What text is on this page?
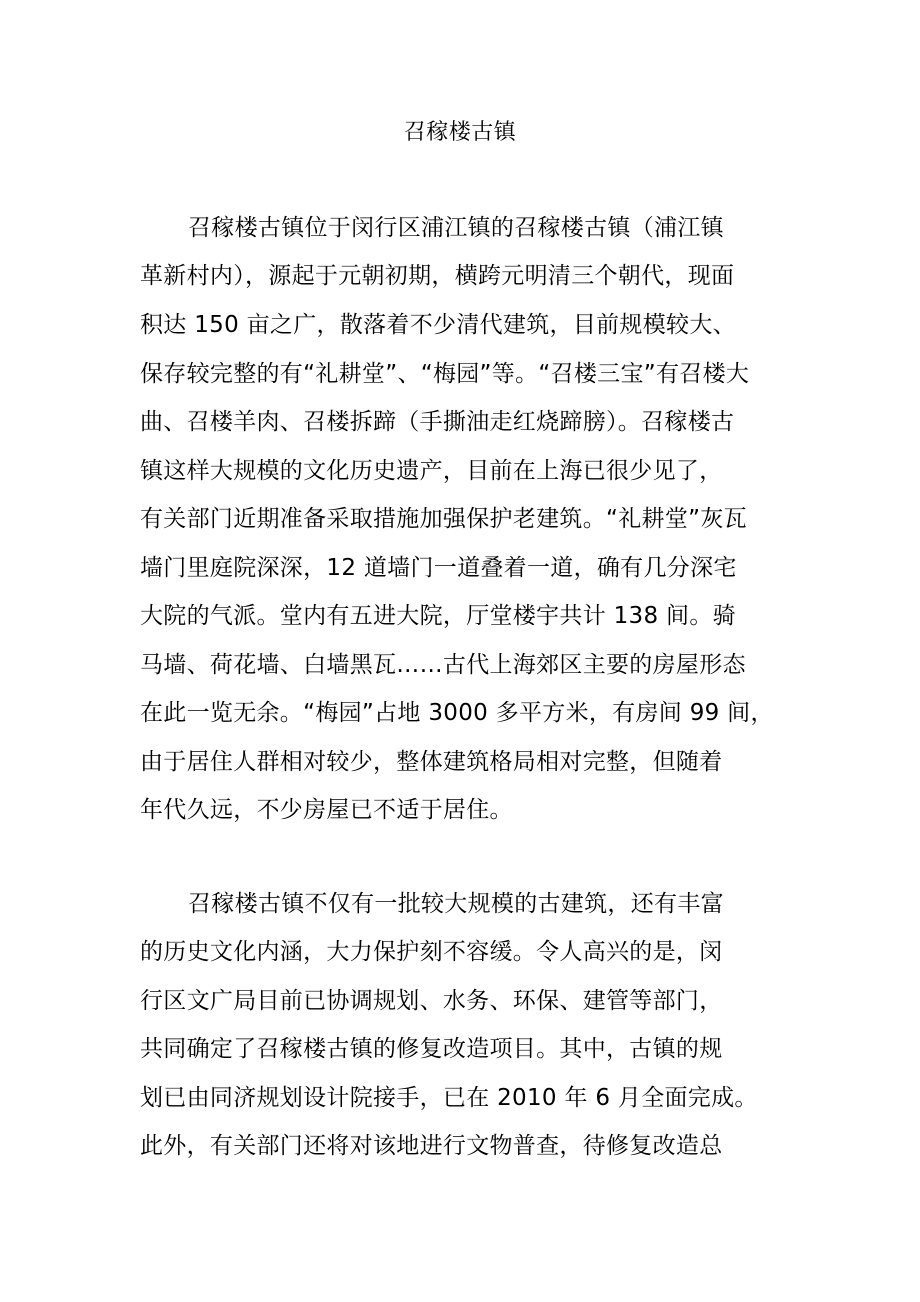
召稼楼古镇
召稼楼古镇位于闵行区浦江镇的召稼楼古镇（浦江镇
革新村内），源起于元朝初期，横跨元明清三个朝代，现面
积达 150 亩之广，散落着不少清代建筑，目前规模较大、
保存较完整的有“礼耕堂”、“梅园”等。“召楼三宝”有召楼大
曲、召楼羊肉、召楼拆蹄（手撕油走红烧蹄膀）。召稼楼古
镇这样大规模的文化历史遗产，目前在上海已很少见了，
有关部门近期准备采取措施加强保护老建筑。“礼耕堂”灰瓦
墙门里庭院深深，12 道墙门一道叠着一道，确有几分深宅
大院的气派。堂内有五进大院，厅堂楼宇共计 138 间。骑
马墙、荷花墙、白墙黑瓦……古代上海郊区主要的房屋形态
在此一览无余。“梅园”占地 3000 多平方米，有房间 99 间，
由于居住人群相对较少，整体建筑格局相对完整，但随着
年代久远，不少房屋已不适于居住。
召稼楼古镇不仅有一批较大规模的古建筑，还有丰富
的历史文化内涵，大力保护刻不容缓。令人高兴的是，闵
行区文广局目前已协调规划、水务、环保、建管等部门，
共同确定了召稼楼古镇的修复改造项目。其中，古镇的规
划已由同济规划设计院接手，已在 2010 年 6 月全面完成。
此外，有关部门还将对该地进行文物普查，待修复改造总
